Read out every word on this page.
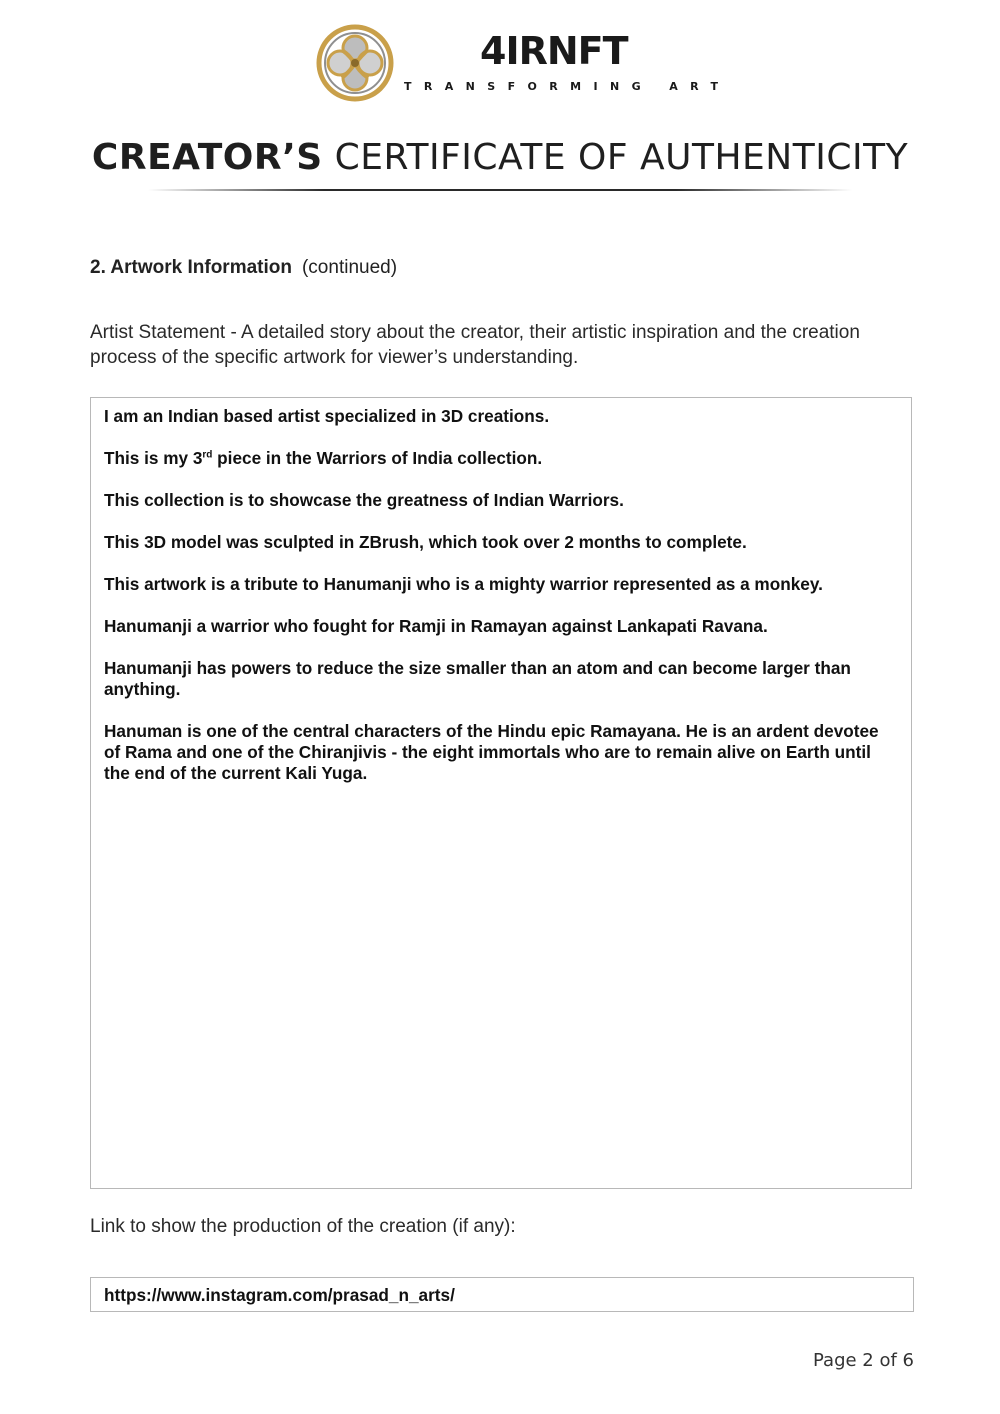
4IRNFT
TRANSFORMING ART
CREATOR’S CERTIFICATE OF AUTHENTICITY
2. Artwork Information (continued)
Artist Statement - A detailed story about the creator, their artistic inspiration and the creation process of the specific artwork for viewer’s understanding.

I am an Indian based artist specialized in 3D creations.

This is my 3rd piece in the Warriors of India collection.

This collection is to showcase the greatness of Indian Warriors.

This 3D model was sculpted in ZBrush, which took over 2 months to complete.

This artwork is a tribute to Hanumanji who is a mighty warrior represented as a monkey.

Hanumanji a warrior who fought for Ramji in Ramayan against Lankapati Ravana.

Hanumanji has powers to reduce the size smaller than an atom and can become larger than anything.

Hanuman is one of the central characters of the Hindu epic Ramayana. He is an ardent devotee of Rama and one of the Chiranjivis - the eight immortals who are to remain alive on Earth until the end of the current Kali Yuga.

Link to show the production of the creation (if any):
https://www.instagram.com/prasad_n_arts/
Page 2 of 6
